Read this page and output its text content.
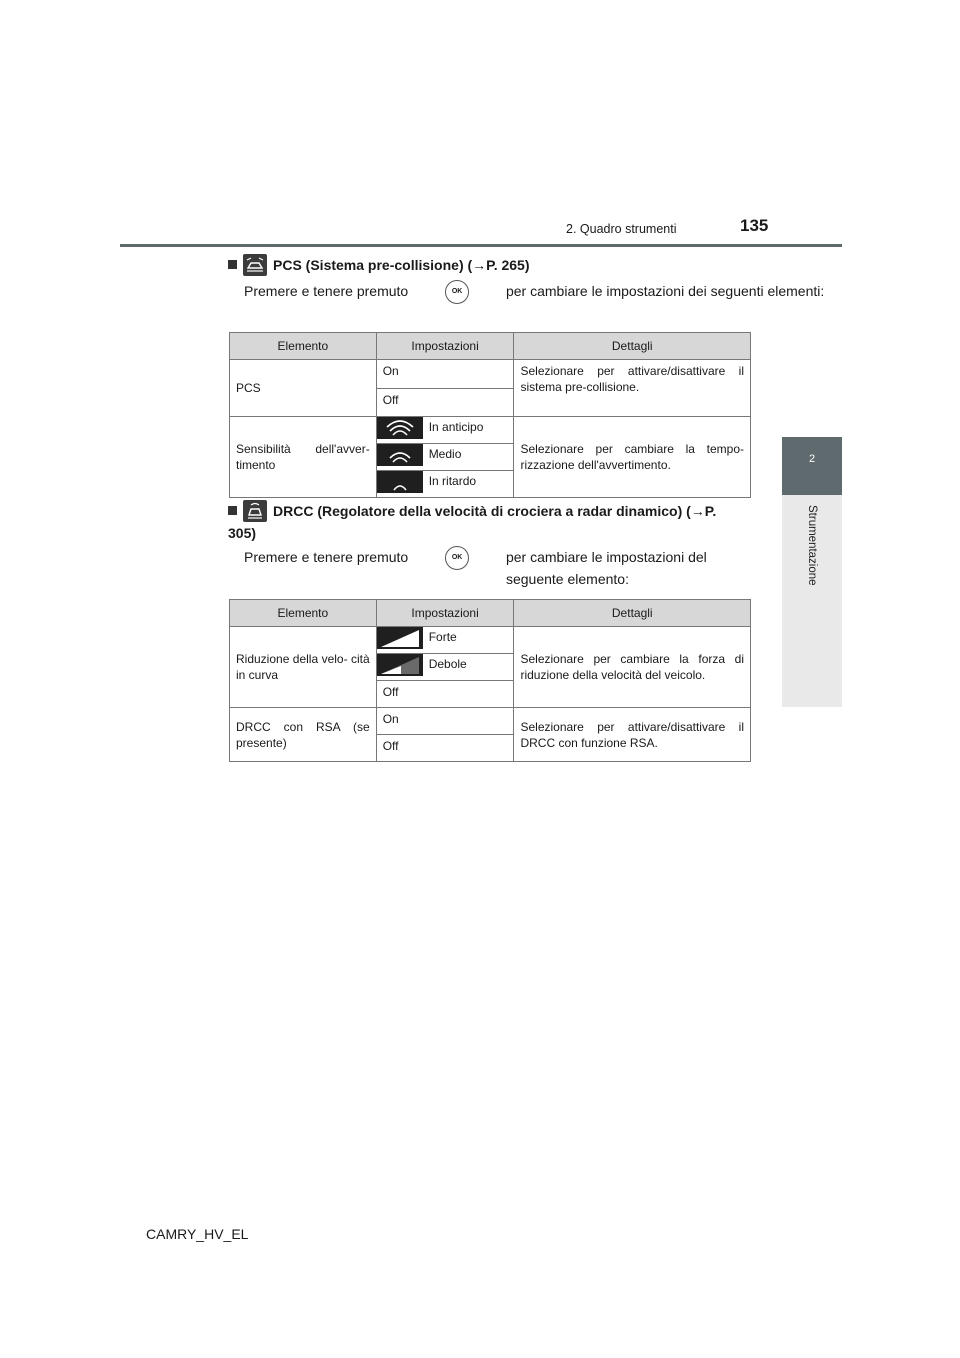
2. Quadro strumenti	135
2
Strumentazione
PCS (Sistema pre-collisione) (→P. 265)
Premere e tenere premuto	OK	per cambiare le impostazioni dei seguenti elementi:
Elemento	Impostazioni	Dettagli
PCS	On	Selezionare per attivare/disattivare il sistema pre-collisione.
	Off	
Sensibilità dell'avver- timento	In anticipo	Selezionare per cambiare la tempo- rizzazione dell'avvertimento.
	Medio	
	In ritardo	
DRCC (Regolatore della velocità di crociera a radar dinamico) (→P. 305)
Premere e tenere premuto	OK	per cambiare le impostazioni del seguente elemento:
Elemento	Impostazioni	Dettagli
Riduzione della velo- cità in curva	Forte	Selezionare per cambiare la forza di riduzione della velocità del veicolo.
	Debole	
	Off	
DRCC con RSA (se presente)	On	Selezionare per attivare/disattivare il DRCC con funzione RSA.
	Off	
CAMRY_HV_EL
